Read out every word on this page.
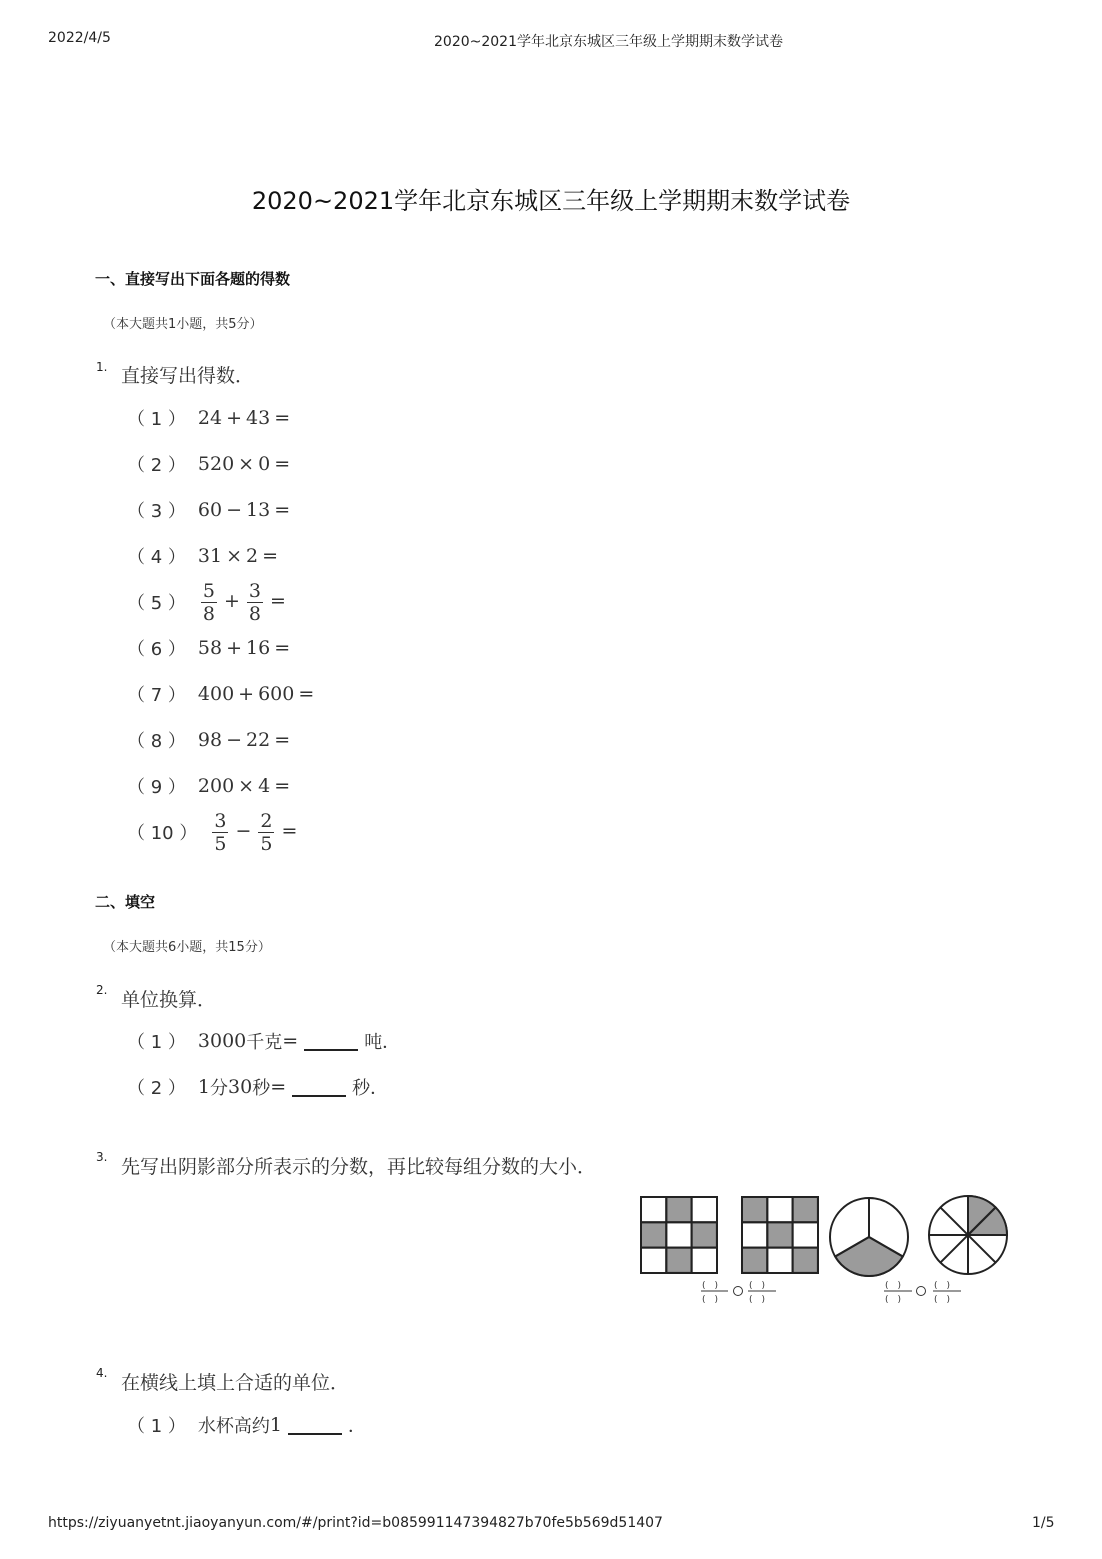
2022/4/5	2020~2021学年北京东城区三年级上学期期末数学试卷
2020~2021学年北京东城区三年级上学期期末数学试卷
一、直接写出下面各题的得数
（本大题共1小题，共5分）
1. 直接写出得数．
（ 1 ） 24 + 43 =
（ 2 ） 520 × 0 =
（ 3 ） 60 − 13 =
（ 4 ） 31 × 2 =
（ 5 ） $\frac{5}{8} + \frac{3}{8}$ =
（ 6 ） 58 + 16 =
（ 7 ） 400 + 600 =
（ 8 ） 98 − 22 =
（ 9 ） 200 × 4 =
（ 10 ） $\frac{3}{5} - \frac{2}{5}$ =
二、填空
（本大题共6小题，共15分）
2. 单位换算．
（ 1 ） 3000 千克 =	吨．
（ 2 ） 1 分 30 秒 =	秒．
3. 先写出阴影部分所表示的分数，再比较每组分数的大小．
(　)
(　)
(　)
(　)
(　)
(　)
(　)
(　)
4. 在横线上填上合适的单位．
（ 1 ） 水杯高约 1	．
https://ziyuanyetnt.jiaoyanyun.com/#/print?id=b085991147394827b70fe5b569d51407	1/5
